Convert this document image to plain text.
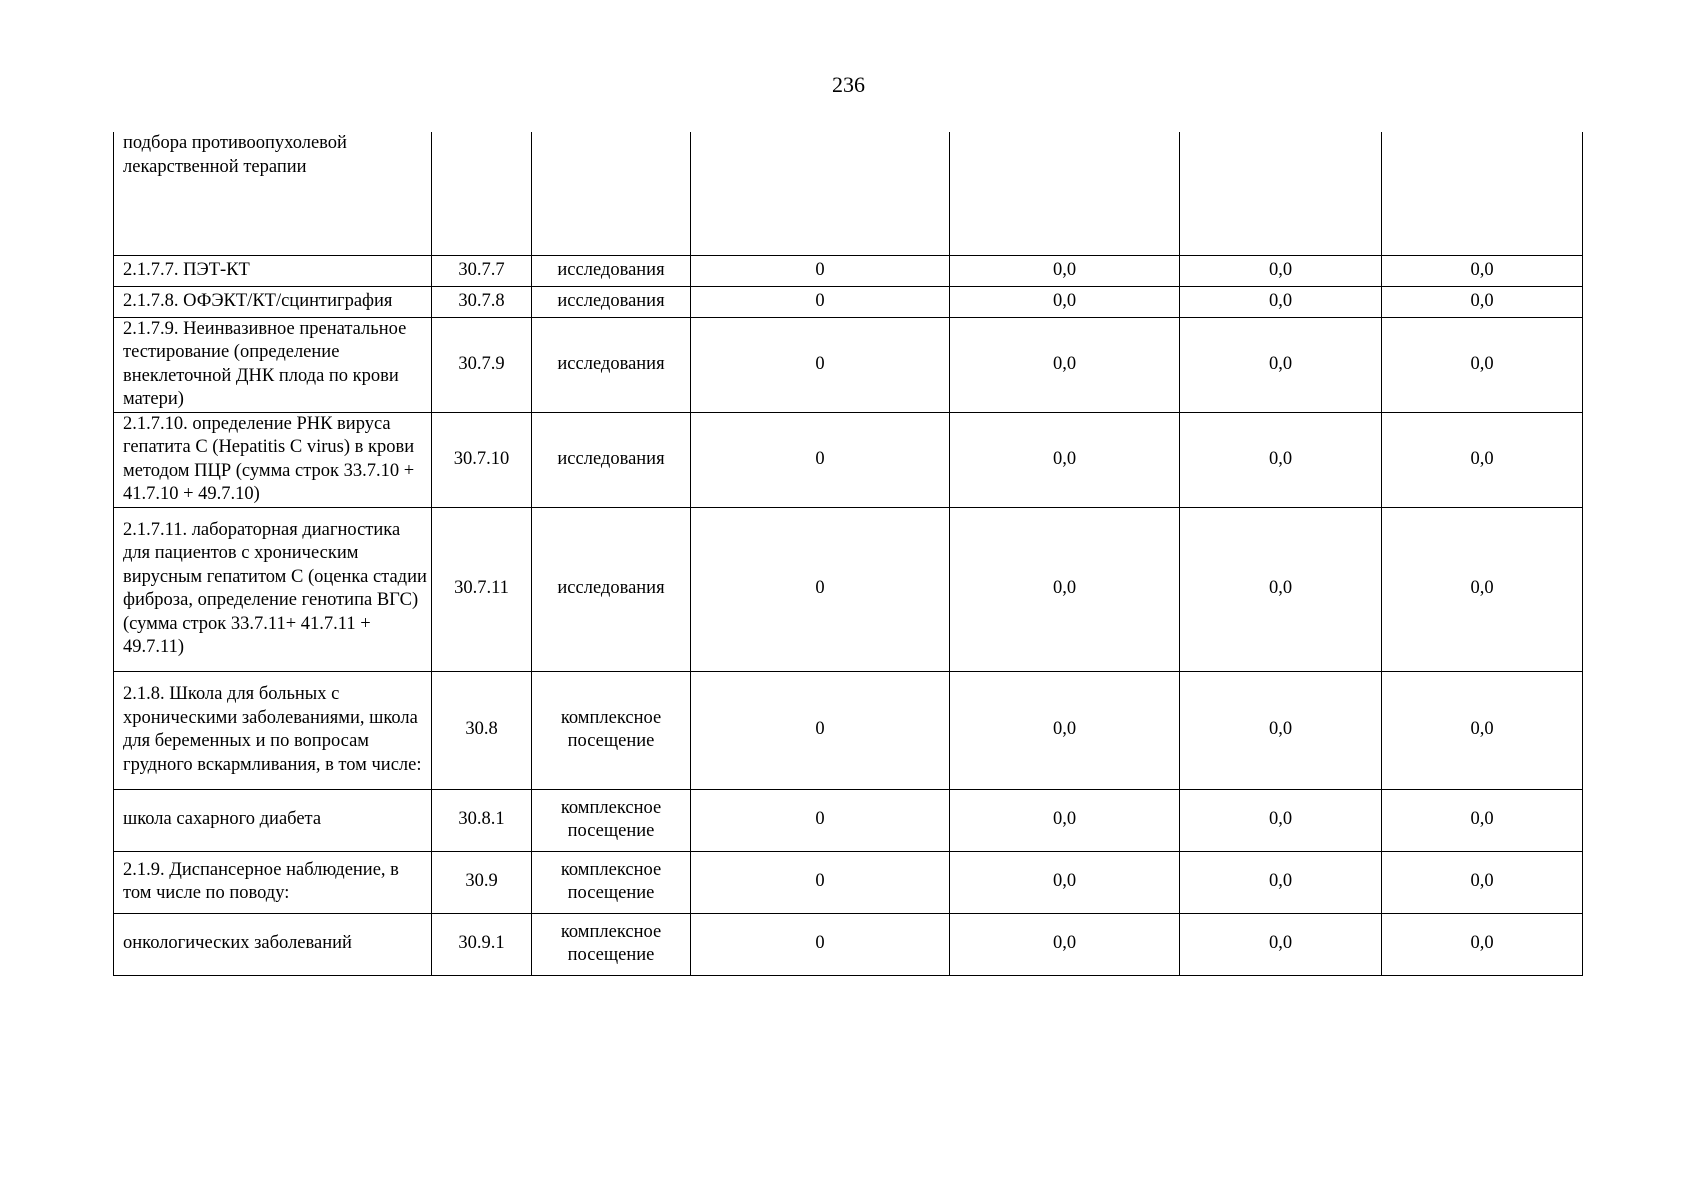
236
подбора противоопухолевой лекарственной терапии						
2.1.7.7. ПЭТ-КТ	30.7.7	исследования	0	0,0	0,0	0,0
2.1.7.8. ОФЭКТ/КТ/сцинтиграфия	30.7.8	исследования	0	0,0	0,0	0,0
2.1.7.9. Неинвазивное пренатальное тестирование (определение внеклеточной ДНК плода по крови матери)	30.7.9	исследования	0	0,0	0,0	0,0
2.1.7.10. определение РНК вируса гепатита С (Hepatitis C virus) в крови методом ПЦР (сумма строк 33.7.10 + 41.7.10 + 49.7.10)	30.7.10	исследования	0	0,0	0,0	0,0
2.1.7.11. лабораторная диагностика для пациентов с хроническим вирусным гепатитом С (оценка стадии фиброза, определение генотипа ВГС) (сумма строк 33.7.11+ 41.7.11 + 49.7.11)	30.7.11	исследования	0	0,0	0,0	0,0
2.1.8. Школа для больных с хроническими заболеваниями, школа для беременных и по вопросам грудного вскармливания, в том числе:	30.8	комплексное посещение	0	0,0	0,0	0,0
школа сахарного диабета	30.8.1	комплексное посещение	0	0,0	0,0	0,0
2.1.9. Диспансерное наблюдение, в том числе по поводу:	30.9	комплексное посещение	0	0,0	0,0	0,0
онкологических заболеваний	30.9.1	комплексное посещение	0	0,0	0,0	0,0
